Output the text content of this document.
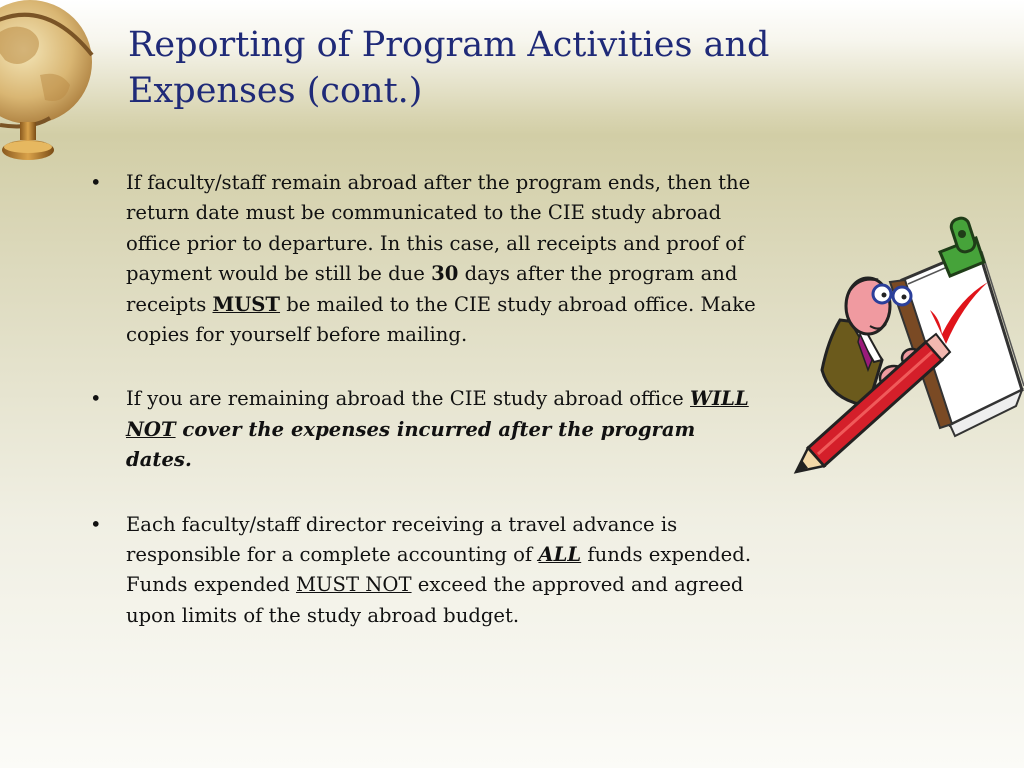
Reporting of Program Activities and
Expenses (cont.)
•	If faculty/staff remain abroad after the program ends, then the return date must be communicated to the CIE study abroad office prior to departure. In this case, all receipts and proof of payment would be still be due 30 days after the program and receipts MUST be mailed to the CIE study abroad office. Make copies for yourself before mailing.
•	If you are remaining abroad the CIE study abroad office WILL NOT cover the expenses incurred after the program dates.
•	Each faculty/staff director receiving a travel advance is responsible for a complete accounting of ALL funds expended. Funds expended MUST NOT exceed the approved and agreed upon limits of the study abroad budget.
